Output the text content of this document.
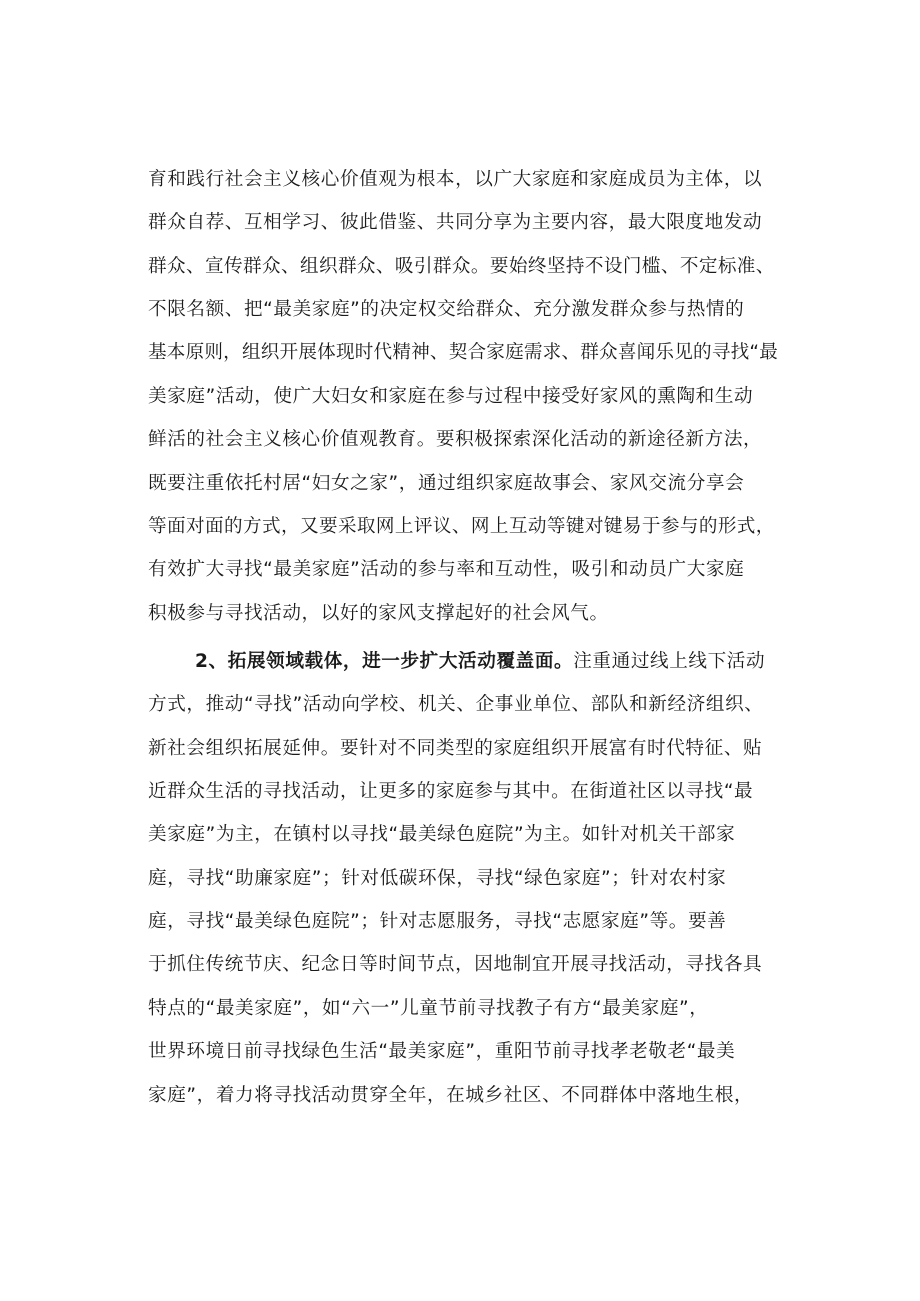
育和践行社会主义核心价值观为根本，以广大家庭和家庭成员为主体，以
群众自荐、互相学习、彼此借鉴、共同分享为主要内容，最大限度地发动
群众、宣传群众、组织群众、吸引群众。要始终坚持不设门槛、不定标准、
不限名额、把“最美家庭”的决定权交给群众、充分激发群众参与热情的
基本原则，组织开展体现时代精神、契合家庭需求、群众喜闻乐见的寻找“最
美家庭”活动，使广大妇女和家庭在参与过程中接受好家风的熏陶和生动
鲜活的社会主义核心价值观教育。要积极探索深化活动的新途径新方法，
既要注重依托村居“妇女之家”，通过组织家庭故事会、家风交流分享会
等面对面的方式，又要采取网上评议、网上互动等键对键易于参与的形式，
有效扩大寻找“最美家庭”活动的参与率和互动性，吸引和动员广大家庭
积极参与寻找活动，以好的家风支撑起好的社会风气。
2、拓展领域载体，进一步扩大活动覆盖面。注重通过线上线下活动
方式，推动“寻找”活动向学校、机关、企事业单位、部队和新经济组织、
新社会组织拓展延伸。要针对不同类型的家庭组织开展富有时代特征、贴
近群众生活的寻找活动，让更多的家庭参与其中。在街道社区以寻找“最
美家庭”为主，在镇村以寻找“最美绿色庭院”为主。如针对机关干部家
庭，寻找“助廉家庭”；针对低碳环保，寻找“绿色家庭”；针对农村家
庭，寻找“最美绿色庭院”；针对志愿服务，寻找“志愿家庭”等。要善
于抓住传统节庆、纪念日等时间节点，因地制宜开展寻找活动，寻找各具
特点的“最美家庭”，如“六一”儿童节前寻找教子有方“最美家庭”，
世界环境日前寻找绿色生活“最美家庭”，重阳节前寻找孝老敬老“最美
家庭”，着力将寻找活动贯穿全年，在城乡社区、不同群体中落地生根，
